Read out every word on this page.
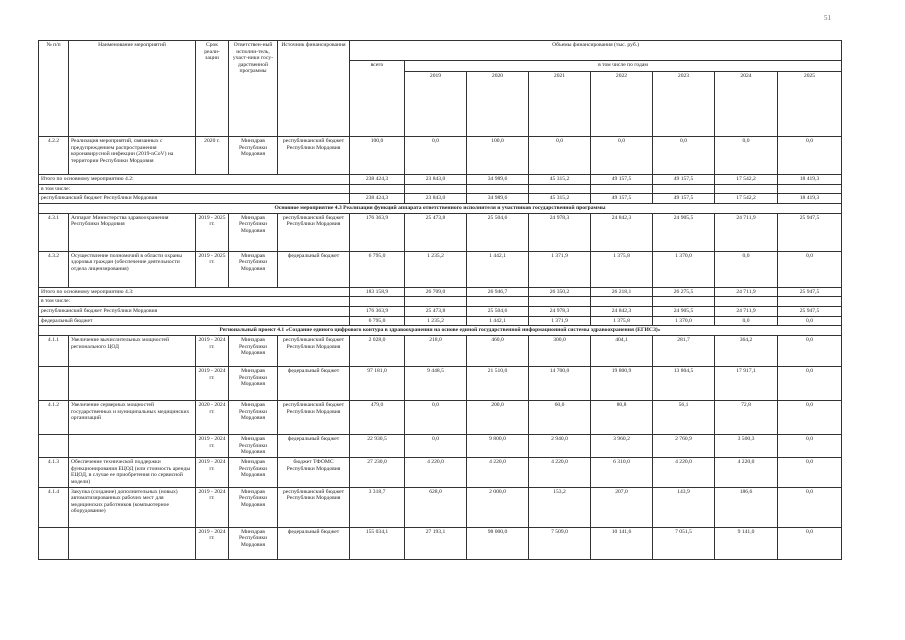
51
№ п/п	Наименование мероприятий	Срок реали-зации	Ответствен-ный исполни-тель, участ-ники госу-дарственной программы	Источник финансирования	Объемы финансирования (тыс. руб.)							
					всего	в том числе по годам						
						2019	2020	2021	2022	2023	2024	2025
4.2.2	Реализация мероприятий, связанных с предупреждением распространения коронавирусной инфекции (2019-nCoV) на территории Республики Мордовия	2020 г.	Минздрав Республики Мордовия	республиканский бюджет Республики Мордовия	100,0	0,0	100,0	0,0	0,0	0,0	0,0	0,0
Итого по основному мероприятию 4.2:					238 424,3	23 843,0	34 989,6	45 315,2	49 157,5	49 157,5	17 542,2	18 419,3
в том числе:												
республиканский бюджет Республики Мордовия					238 424,3	23 843,0	34 989,6	45 315,2	49 157,5	49 157,5	17 542,2	18 419,3
Основное мероприятие 4.3 Реализация функций аппарата ответственного исполнителя и участников государственной программы												
4.3.1	Аппарат Министерства здравоохранения Республики Мордовия	2019 - 2025 гг.	Минздрав Республики Мордовия	республиканский бюджет Республики Мордовия	176 363,9	25 473,8	25 504,6	24 978,3	24 842,3	24 905,5	24 711,9	25 947,5
4.3.2	Осуществление полномочий в области охраны здоровья граждан (обеспечение деятельности отдела лицензирования)	2019 - 2025 гг.	Минздрав Республики Мордовия	федеральный бюджет	6 795,0	1 235,2	1 442,1	1 371,9	1 375,8	1 370,0	0,0	0,0
Итого по основному мероприятию 4.3:					183 158,9	26 709,0	26 946,7	26 350,2	26 218,1	26 275,5	24 711,9	25 947,5
в том числе:												
республиканский бюджет Республики Мордовия					176 363,9	25 473,8	25 504,6	24 978,3	24 842,3	24 905,5	24 711,9	25 947,5
федеральный бюджет					6 795,0	1 235,2	1 442,1	1 371,9	1 375,8	1 370,0	0,0	0,0
Региональный проект 4.1 «Создание единого цифрового контура в здравоохранении на основе единой государственной информационной системы здравоохранения (ЕГИСЗ)»												
4.1.1	Увеличение вычислительных мощностей регионального ЦОД	2019 - 2024 гг.	Минздрав Республики Мордовия	республиканский бюджет Республики Мордовия	2 028,0	218,0	460,0	300,0	404,1	281,7	364,2	0,0
		2019 - 2024 гг.	Минздрав Республики Мордовия	федеральный бюджет	97 181,0	9 448,5	21 510,0	14 700,0	19 800,9	13 804,5	17 917,1	0,0
4.1.2	Увеличение серверных мощностей государственных и муниципальных медицинских организаций	2020 - 2024 гг.	Минздрав Республики Мордовия	республиканский бюджет Республики Мордовия	479,0	0,0	200,0	60,0	80,8	56,1	72,8	0,0
		2019 - 2024 гг.	Минздрав Республики Мордовия	федеральный бюджет	22 930,5	0,0	9 800,0	2 940,0	3 960,2	2 760,9	3 500,3	0,0
4.1.3	Обеспечение технической поддержки функционирования ЕЦОД (или стоимость аренды ЕЦОД, в случае ее приобретения по сервисной модели)	2019 - 2024 гг.	Минздрав Республики Мордовия	бюджет ТФОМС Республики Мордовия	27 230,0	4 220,0	4 220,0	4 220,0	6 310,0	4 220,0	4 220,0	0,0
4.1.4	Закупка (создание) дополнительных (новых) автоматизированных рабочих мест для медицинских работников (компьютерное оборудование)	2019 - 2024 гг.	Минздрав Республики Мордовия	республиканский бюджет Республики Мордовия	3 318,7	628,0	2 000,0	153,2	207,0	143,9	186,6	0,0
		2019 - 2024 гг.	Минздрав Республики Мордовия	федеральный бюджет	155 034,1	27 193,1	98 000,0	7 509,0	10 141,6	7 051,5	9 141,0	0,0
